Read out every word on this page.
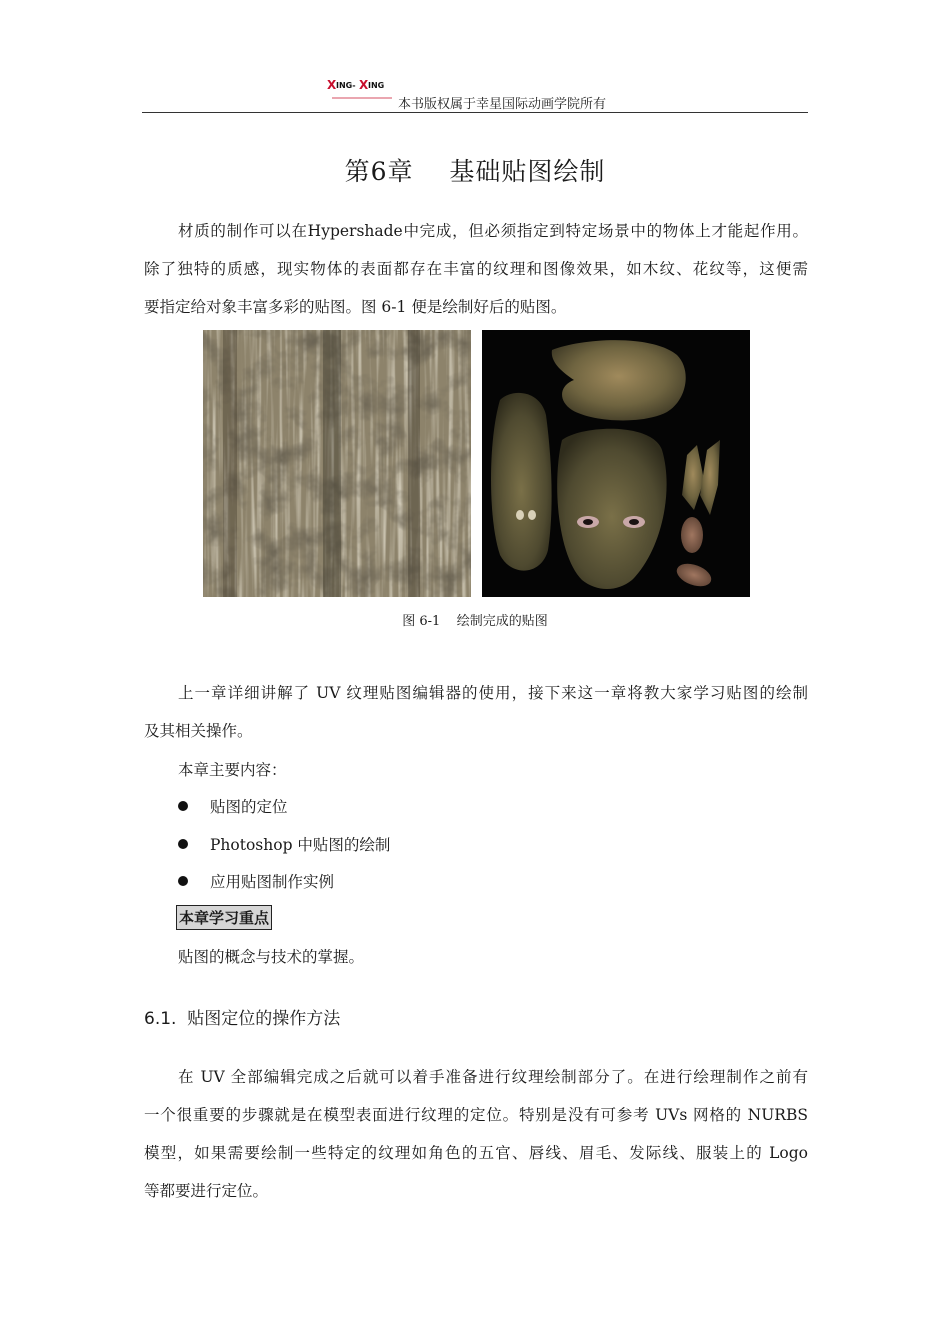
X ING- X ING
本书版权属于幸星国际动画学院所有
第6章    基础贴图绘制
材质的制作可以在Hypershade中完成，但必须指定到特定场景中的物体上才能起作用。
除了独特的质感，现实物体的表面都存在丰富的纹理和图像效果，如木纹、花纹等，这便需
要指定给对象丰富多彩的贴图。图 6-1 便是绘制好后的贴图。
图 6-1    绘制完成的贴图
上一章详细讲解了 UV 纹理贴图编辑器的使用，接下来这一章将教大家学习贴图的绘制
及其相关操作。
本章主要内容：
贴图的定位
Photoshop 中贴图的绘制
应用贴图制作实例
本章学习重点
贴图的概念与技术的掌握。
6.1.  贴图定位的操作方法
在 UV 全部编辑完成之后就可以着手准备进行纹理绘制部分了。在进行绘理制作之前有
一个很重要的步骤就是在模型表面进行纹理的定位。特别是没有可参考 UVs 网格的 NURBS
模型，如果需要绘制一些特定的纹理如角色的五官、唇线、眉毛、发际线、服装上的 Logo
等都要进行定位。
